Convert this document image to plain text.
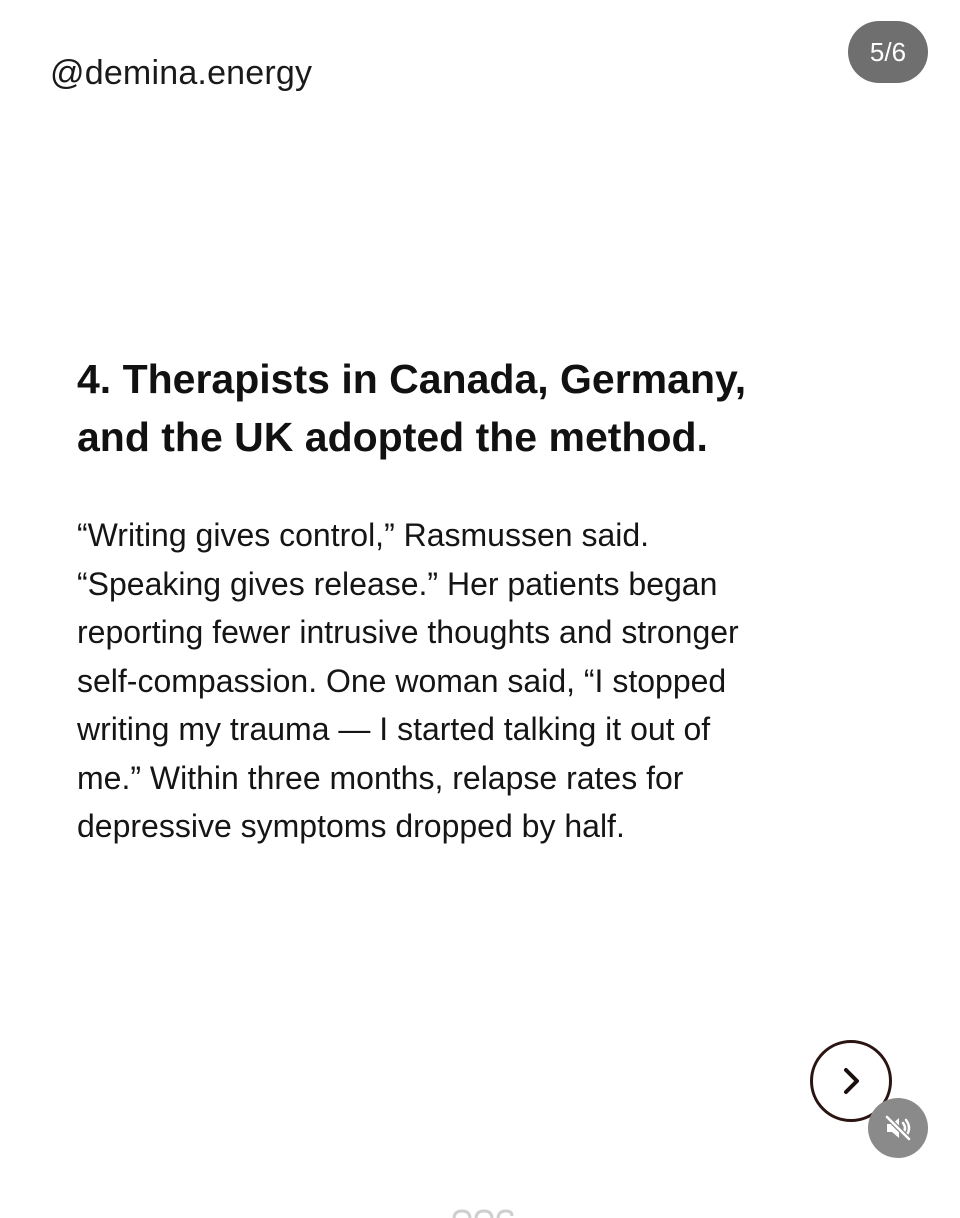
@demina.energy
5/6
4. Therapists in Canada, Germany,
and the UK adopted the method.
“Writing gives control,” Rasmussen said.
“Speaking gives release.” Her patients began
reporting fewer intrusive thoughts and stronger
self-compassion. One woman said, “I stopped
writing my trauma — I started talking it out of
me.” Within three months, relapse rates for
depressive symptoms dropped by half.
